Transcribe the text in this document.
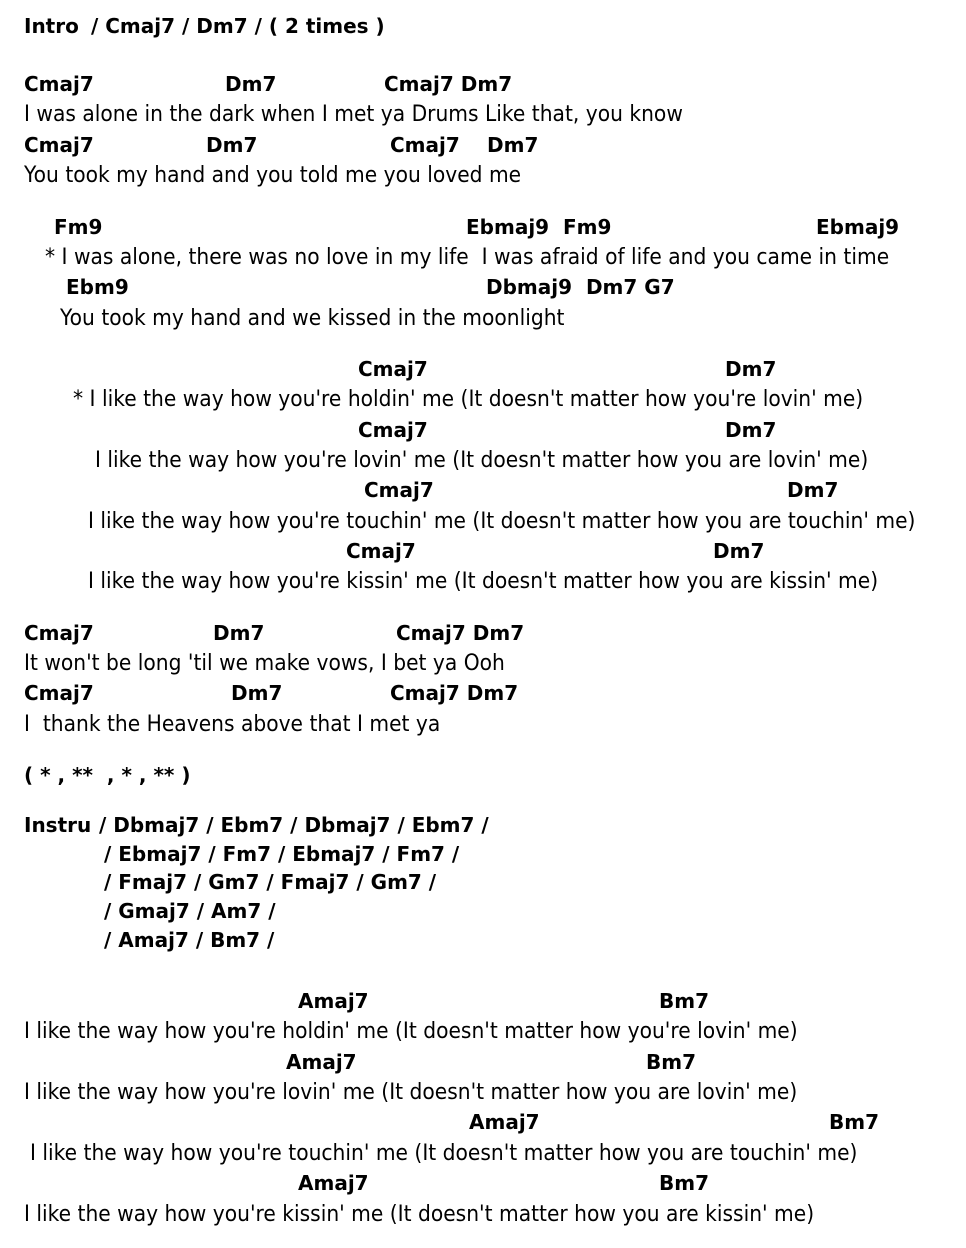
Intro / Cmaj7 / Dm7 / ( 2 times )
Cmaj7	Dm7	Cmaj7 Dm7
I was alone in the dark when I met ya Drums Like that, you know
Cmaj7	Dm7	Cmaj7 Dm7
You took my hand and you told me you loved me
Fm9	Ebmaj9 Fm9	Ebmaj9
* I was alone, there was no love in my life  I was afraid of life and you came in time
Ebm9	Dbmaj9  Dm7 G7
You took my hand and we kissed in the moonlight
Cmaj7	Dm7
* I like the way how you're holdin' me (It doesn't matter how you're lovin' me)
Cmaj7	Dm7
I like the way how you're lovin' me (It doesn't matter how you are lovin' me)
Cmaj7	Dm7
I like the way how you're touchin' me (It doesn't matter how you are touchin' me)
Cmaj7	Dm7
I like the way how you're kissin' me (It doesn't matter how you are kissin' me)
Cmaj7	Dm7	Cmaj7 Dm7
It won't be long 'til we make vows, I bet ya Ooh
Cmaj7	Dm7	Cmaj7 Dm7
I  thank the Heavens above that I met ya
( * , **  , * , ** )
Instru / Dbmaj7 / Ebm7 / Dbmaj7 / Ebm7 /
/ Ebmaj7 / Fm7 / Ebmaj7 / Fm7 /
/ Fmaj7 / Gm7 / Fmaj7 / Gm7 /
/ Gmaj7 / Am7 /
/ Amaj7 / Bm7 /
Amaj7	Bm7
I like the way how you're holdin' me (It doesn't matter how you're lovin' me)
Amaj7	Bm7
I like the way how you're lovin' me (It doesn't matter how you are lovin' me)
Amaj7	Bm7
I like the way how you're touchin' me (It doesn't matter how you are touchin' me)
Amaj7	Bm7
I like the way how you're kissin' me (It doesn't matter how you are kissin' me)
